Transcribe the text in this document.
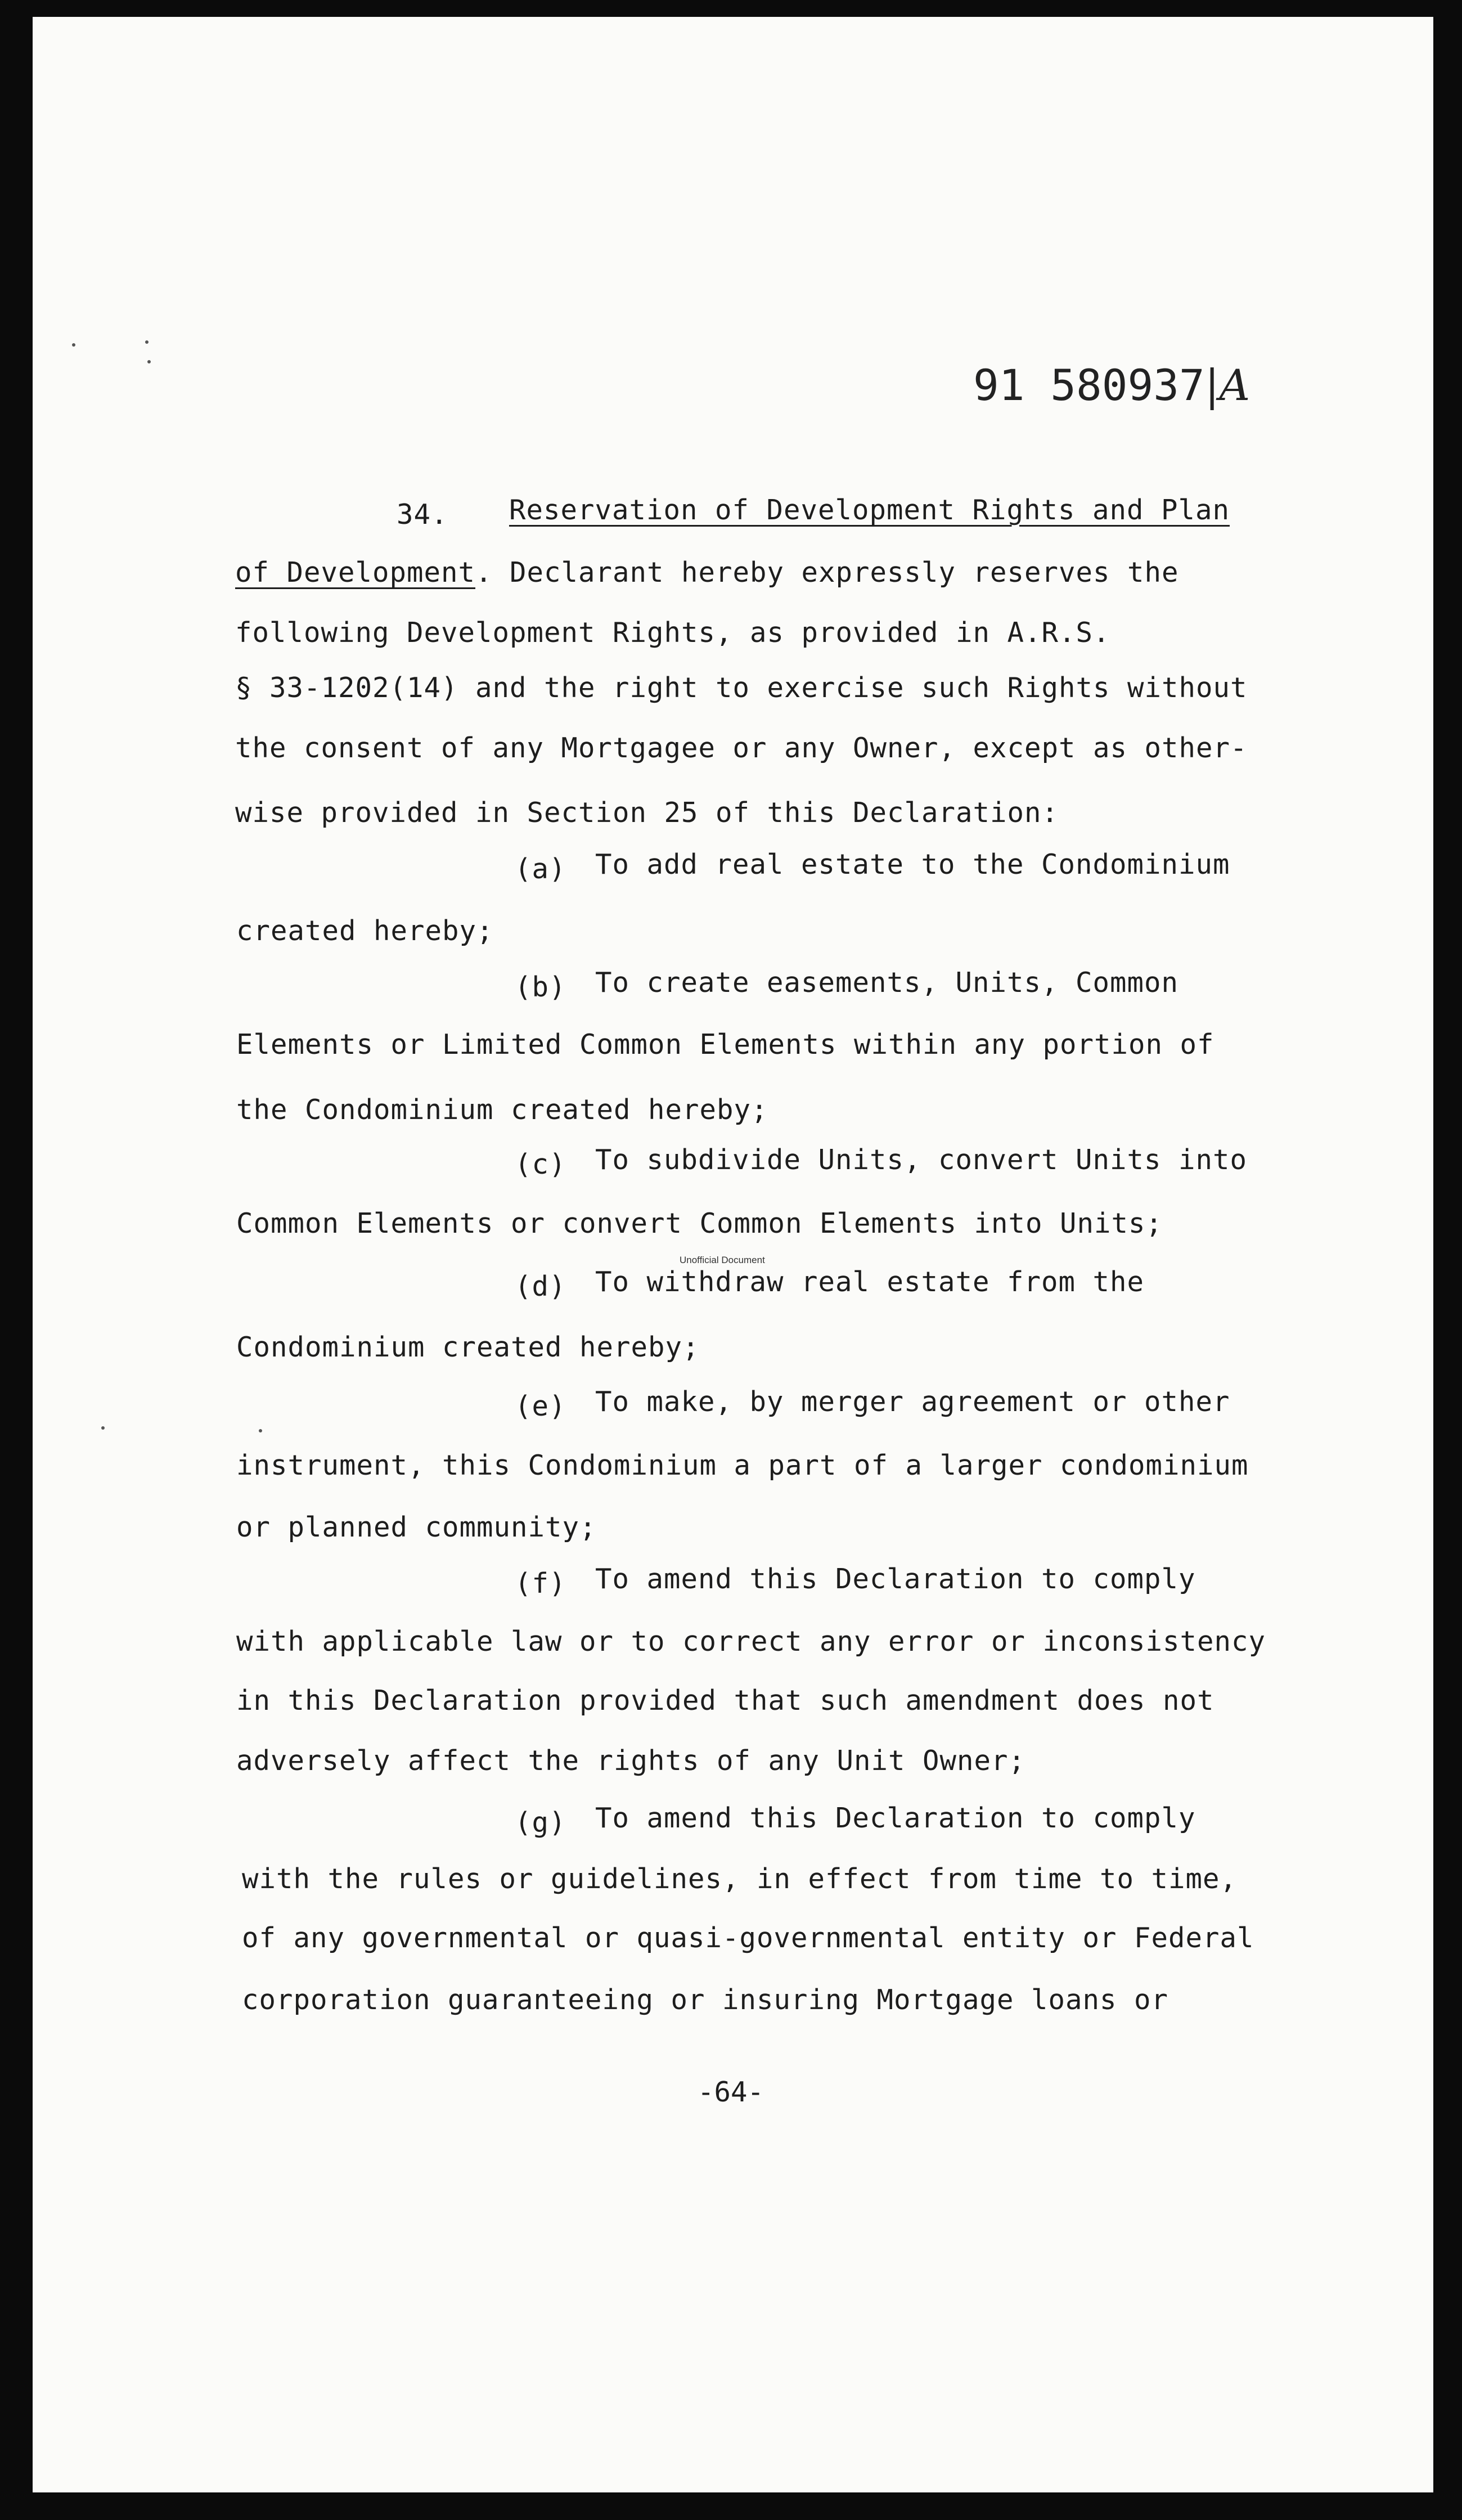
91 580937|A
34. Reservation of Development Rights and Plan
of Development. Declarant hereby expressly reserves the
following Development Rights, as provided in A.R.S.
§ 33-1202(14) and the right to exercise such Rights without
the consent of any Mortgagee or any Owner, except as other-
wise provided in Section 25 of this Declaration:
(a) To add real estate to the Condominium
created hereby;
(b) To create easements, Units, Common
Elements or Limited Common Elements within any portion of
the Condominium created hereby;
(c) To subdivide Units, convert Units into
Common Elements or convert Common Elements into Units;
Unofficial Document
(d) To withdraw real estate from the
Condominium created hereby;
(e) To make, by merger agreement or other
instrument, this Condominium a part of a larger condominium
or planned community;
(f) To amend this Declaration to comply
with applicable law or to correct any error or inconsistency
in this Declaration provided that such amendment does not
adversely affect the rights of any Unit Owner;
(g) To amend this Declaration to comply
with the rules or guidelines, in effect from time to time,
of any governmental or quasi-governmental entity or Federal
corporation guaranteeing or insuring Mortgage loans or
-64-
